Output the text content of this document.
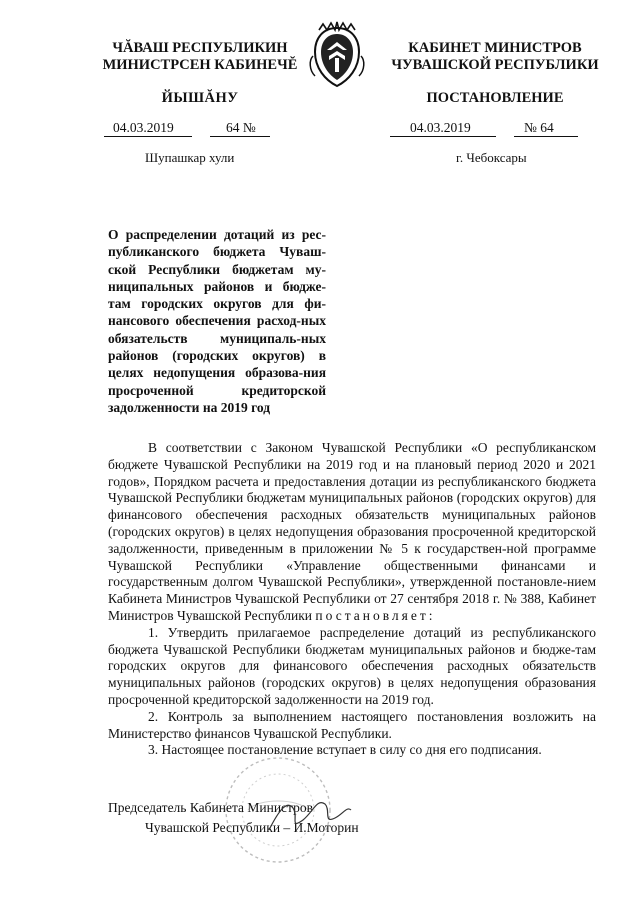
ЧĂВАШ РЕСПУБЛИКИН
МИНИСТРСЕН КАБИНЕЧĔ
КАБИНЕТ МИНИСТРОВ
ЧУВАШСКОЙ РЕСПУБЛИКИ
ЙЫШĂНУ	ПОСТАНОВЛЕНИЕ
04.03.2019	64 №	04.03.2019	№ 64
Шупашкар хули	г. Чебоксары
О распределении дотаций из рес-публиканского бюджета Чуваш-ской Республики бюджетам му-ниципальных районов и бюдже-там городских округов для фи-нансового обеспечения расход-ных обязательств муниципаль-ных районов (городских округов) в целях недопущения образова-ния просроченной кредиторской задолженности на 2019 год

В соответствии с Законом Чувашской Республики «О республиканском бюджете Чувашской Республики на 2019 год и на плановый период 2020 и 2021 годов», Порядком расчета и предоставления дотации из республиканского бюджета Чувашской Республики бюджетам муниципальных районов (городских округов) для финансового обеспечения расходных обязательств муниципальных районов (городских округов) в целях недопущения образования просроченной кредиторской задолженности, приведенным в приложении № 5 к государствен-ной программе Чувашской Республики «Управление общественными финансами и государственным долгом Чувашской Республики», утвержденной постановле-нием Кабинета Министров Чувашской Республики от 27 сентября 2018 г. № 388, Кабинет Министров Чувашской Республики постановляет:

1. Утвердить прилагаемое распределение дотаций из республиканского бюджета Чувашской Республики бюджетам муниципальных районов и бюдже-там городских округов для финансового обеспечения расходных обязательств муниципальных районов (городских округов) в целях недопущения образования просроченной кредиторской задолженности на 2019 год.

2. Контроль за выполнением настоящего постановления возложить на Министерство финансов Чувашской Республики.

3. Настоящее постановление вступает в силу со дня его подписания.

Председатель Кабинета Министров
Чувашской Республики – И.Моторин
